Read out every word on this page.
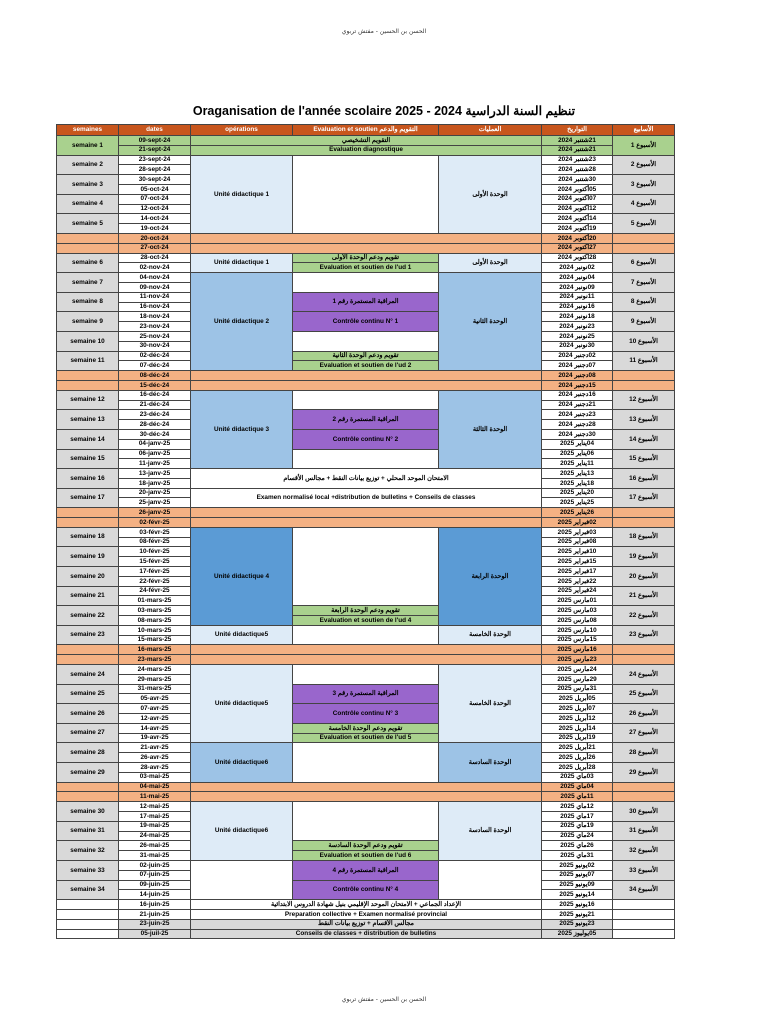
الحسن بن الحسين - مفتش تربوي
Oraganisation de l'année scolaire 2025 - 2024 تنظيم السنة الدراسية
semaines	dates	opérations	Evaluation et soutien التقويم والدعم	العمليات	التواريخ	الأسابيع
semaine 1	09-sept-24	التقويم التشخيصي			21شتنبر 2024	الأسبوع 1
	21-sept-24	Evaluation diagnostique			21شتنبر 2024	
semaine 2	23-sept-24	Unité didactique 1		الوحدة الأولى	23شتنبر 2024	الأسبوع 2
	28-sept-24				28شتنبر 2024	
semaine 3	30-sept-24				30شتنبر 2024	الأسبوع 3
	05-oct-24				05أكتوبر 2024	
semaine 4	07-oct-24				07أكتوبر 2024	الأسبوع 4
	12-oct-24				12أكتوبر 2024	
semaine 5	14-oct-24				14أكتوبر 2024	الأسبوع 5
	19-oct-24				19أكتوبر 2024	
	20-oct-24				20أكتوبر 2024	
	27-oct-24				27أكتوبر 2024	
semaine 6	28-oct-24	Unité didactique 1	تقويم ودعم الوحدة الأولى	الوحدة الأولى	28أكتوبر 2024	الأسبوع 6
	02-nov-24		Evaluation et soutien de l'ud 1		02نونبر 2024	
semaine 7	04-nov-24	Unité didactique 2		الوحدة الثانية	04نونبر 2024	الأسبوع 7
	09-nov-24				09نونبر 2024	
semaine 8	11-nov-24		المراقبة المستمرة رقم 1		11نونبر 2024	الأسبوع 8
	16-nov-24				16نونبر 2024	
semaine 9	18-nov-24		Contrôle continu N° 1		18نونبر 2024	الأسبوع 9
	23-nov-24				23نونبر 2024	
semaine 10	25-nov-24				25نونبر 2024	الأسبوع 10
	30-nov-24				30نونبر 2024	
semaine 11	02-déc-24		تقويم ودعم الوحدة الثانية		02دجنبر 2024	الأسبوع 11
	07-déc-24		Evaluation et soutien de l'ud 2		07دجنبر 2024	
	08-déc-24				08دجنبر 2024	
	15-déc-24				15دجنبر 2024	
semaine 12	16-déc-24	Unité didactique 3		الوحدة الثالثة	16دجنبر 2024	الأسبوع 12
	21-déc-24				21دجنبر 2024	
semaine 13	23-déc-24		المراقبة المستمرة رقم 2		23دجنبر 2024	الأسبوع 13
	28-déc-24				28دجنبر 2024	
semaine 14	30-déc-24		Contrôle continu N° 2		30دجنبر 2024	الأسبوع 14
	04-janv-25				04يناير 2025	
semaine 15	06-janv-25				06يناير 2025	الأسبوع 15
	11-janv-25				11يناير 2025	
semaine 16	13-janv-25	الامتحان الموحد المحلي + توزيع بيانات النقط + مجالس الأقسام			13يناير 2025	الأسبوع 16
	18-janv-25				18يناير 2025	
semaine 17	20-janv-25	Examen normalisé local +distribution de bulletins + Conseils de classes			20يناير 2025	الأسبوع 17
	25-janv-25				25يناير 2025	
	26-janv-25				26يناير 2025	
	02-févr-25				02فبراير 2025	
semaine 18	03-févr-25	Unité didactique 4		الوحدة الرابعة	03فبراير 2025	الأسبوع 18
	08-févr-25				08فبراير 2025	
semaine 19	10-févr-25				10فبراير 2025	الأسبوع 19
	15-févr-25				15فبراير 2025	
semaine 20	17-févr-25				17فبراير 2025	الأسبوع 20
	22-févr-25				22فبراير 2025	
semaine 21	24-févr-25				24فبراير 2025	الأسبوع 21
	01-mars-25				01مارس 2025	
semaine 22	03-mars-25		تقويم ودعم الوحدة الرابعة		03مارس 2025	الأسبوع 22
	08-mars-25		Evaluation et soutien de l'ud 4		08مارس 2025	
semaine 23	10-mars-25	Unité didactique5		الوحدة الخامسة	10مارس 2025	الأسبوع 23
	15-mars-25				15مارس 2025	
	16-mars-25				16مارس 2025	
	23-mars-25				23مارس 2025	
semaine 24	24-mars-25	Unité didactique5		الوحدة الخامسة	24مارس 2025	الأسبوع 24
	29-mars-25				29مارس 2025	
semaine 25	31-mars-25		المراقبة المستمرة رقم 3		31مارس 2025	الأسبوع 25
	05-avr-25				05أبريل 2025	
semaine 26	07-avr-25		Contrôle continu N° 3		07أبريل 2025	الأسبوع 26
	12-avr-25				12أبريل 2025	
semaine 27	14-avr-25		تقويم ودعم الوحدة الخامسة		14أبريل 2025	الأسبوع 27
	19-avr-25		Evaluation et soutien de l'ud 5		19أبريل 2025	
semaine 28	21-avr-25	Unité didactique6		الوحدة السادسة	21أبريل 2025	الأسبوع 28
	26-avr-25				26أبريل 2025	
semaine 29	28-avr-25				28أبريل 2025	الأسبوع 29
	03-mai-25				03ماي 2025	
	04-mai-25				04ماي 2025	
	11-mai-25				11ماي 2025	
semaine 30	12-mai-25	Unité didactique6		الوحدة السادسة	12ماي 2025	الأسبوع 30
	17-mai-25				17ماي 2025	
semaine 31	19-mai-25				19ماي 2025	الأسبوع 31
	24-mai-25				24ماي 2025	
semaine 32	26-mai-25		تقويم ودعم الوحدة السادسة		26ماي 2025	الأسبوع 32
	31-mai-25		Evaluation et soutien de l'ud 6		31ماي 2025	
semaine 33	02-juin-25		المراقبة المستمرة رقم 4		02يونيو 2025	الأسبوع 33
	07-juin-25				07يونيو 2025	
semaine 34	09-juin-25		Contrôle continu N° 4		09يونيو 2025	الأسبوع 34
	14-juin-25				14يونيو 2025	
	16-juin-25	الإعداد الجماعي + الامتحان الموحد الإقليمي بنيل شهادة الدروس الابتدائية			16يونيو 2025	
	21-juin-25	Preparation collective + Examen normalisé provincial			21يونيو 2025	
	23-juin-25	مجالس الأقسام + توزيع بيانات النقط			23يونيو 2025	
	05-juil-25	Conseils de classes + distribution de bulletins			05يوليوز 2025	
الحسن بن الحسين - مفتش تربوي
